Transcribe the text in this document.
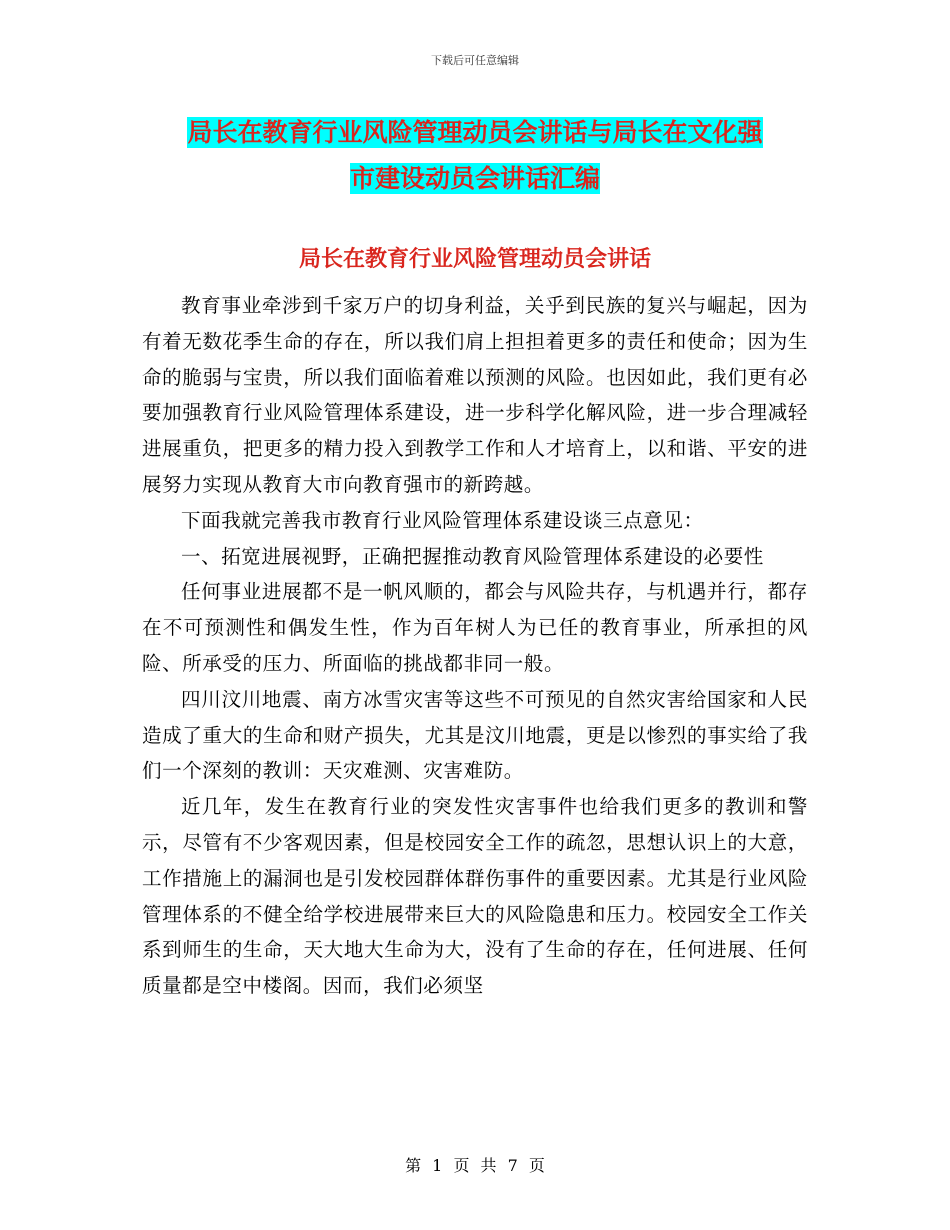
下载后可任意编辑
局长在教育行业风险管理动员会讲话与局长在文化强
市建设动员会讲话汇编
局长在教育行业风险管理动员会讲话

教育事业牵涉到千家万户的切身利益，关乎到民族的复兴与崛起，因为有着无数花季生命的存在，所以我们肩上担担着更多的责任和使命；因为生命的脆弱与宝贵，所以我们面临着难以预测的风险。也因如此，我们更有必要加强教育行业风险管理体系建设，进一步科学化解风险，进一步合理减轻进展重负，把更多的精力投入到教学工作和人才培育上，以和谐、平安的进展努力实现从教育大市向教育强市的新跨越。

下面我就完善我市教育行业风险管理体系建设谈三点意见：

一、拓宽进展视野，正确把握推动教育风险管理体系建设的必要性

任何事业进展都不是一帆风顺的，都会与风险共存，与机遇并行，都存在不可预测性和偶发生性，作为百年树人为已任的教育事业，所承担的风险、所承受的压力、所面临的挑战都非同一般。

四川汶川地震、南方冰雪灾害等这些不可预见的自然灾害给国家和人民造成了重大的生命和财产损失，尤其是汶川地震，更是以惨烈的事实给了我们一个深刻的教训：天灾难测、灾害难防。

近几年，发生在教育行业的突发性灾害事件也给我们更多的教训和警示，尽管有不少客观因素，但是校园安全工作的疏忽，思想认识上的大意，工作措施上的漏洞也是引发校园群体群伤事件的重要因素。尤其是行业风险管理体系的不健全给学校进展带来巨大的风险隐患和压力。校园安全工作关系到师生的生命，天大地大生命为大，没有了生命的存在，任何进展、任何质量都是空中楼阁。因而，我们必须坚

第 1 页 共 7 页
